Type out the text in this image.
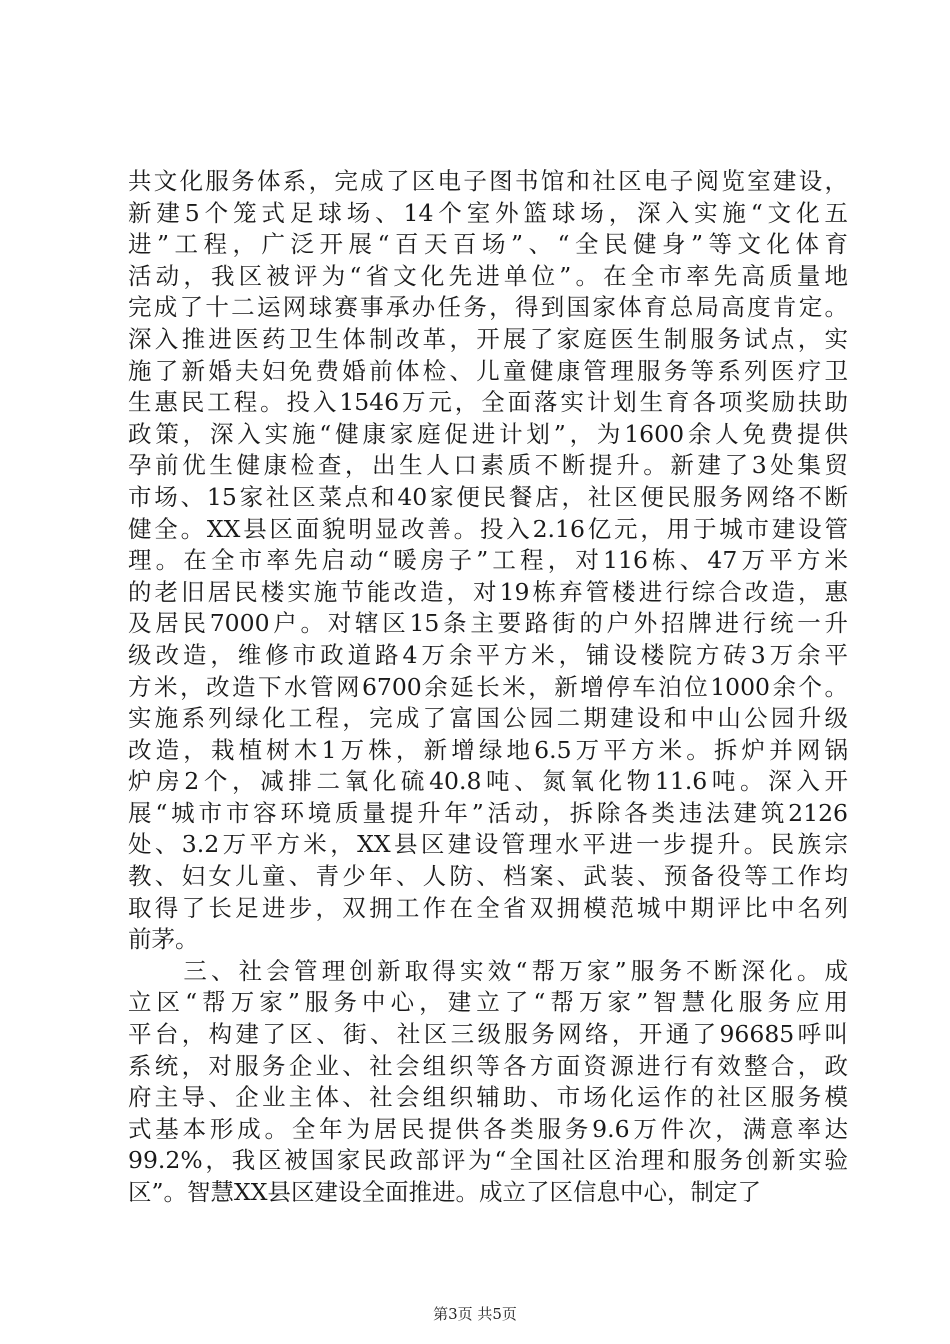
共文化服务体系，完成了区电子图书馆和社区电子阅览室建设，
新建5个笼式足球场、14个室外篮球场，深入实施“文化五
进”工程，广泛开展“百天百场”、“全民健身”等文化体育
活动，我区被评为“省文化先进单位”。在全市率先高质量地
完成了十二运网球赛事承办任务，得到国家体育总局高度肯定。
深入推进医药卫生体制改革，开展了家庭医生制服务试点，实
施了新婚夫妇免费婚前体检、儿童健康管理服务等系列医疗卫
生惠民工程。投入1546万元，全面落实计划生育各项奖励扶助
政策，深入实施“健康家庭促进计划”，为1600余人免费提供
孕前优生健康检查，出生人口素质不断提升。新建了3处集贸
市场、15家社区菜点和40家便民餐店，社区便民服务网络不断
健全。XX县区面貌明显改善。投入2.16亿元，用于城市建设管
理。在全市率先启动“暖房子”工程，对116栋、47万平方米
的老旧居民楼实施节能改造，对19栋弃管楼进行综合改造，惠
及居民7000户。对辖区15条主要路街的户外招牌进行统一升
级改造，维修市政道路4万余平方米，铺设楼院方砖3万余平
方米，改造下水管网6700余延长米，新增停车泊位1000余个。
实施系列绿化工程，完成了富国公园二期建设和中山公园升级
改造，栽植树木1万株，新增绿地6.5万平方米。拆炉并网锅
炉房2个，减排二氧化硫40.8吨、氮氧化物11.6吨。深入开
展“城市市容环境质量提升年”活动，拆除各类违法建筑2126
处、3.2万平方米，XX县区建设管理水平进一步提升。民族宗
教、妇女儿童、青少年、人防、档案、武装、预备役等工作均
取得了长足进步，双拥工作在全省双拥模范城中期评比中名列
前茅。
　　三、社会管理创新取得实效“帮万家”服务不断深化。成
立区“帮万家”服务中心，建立了“帮万家”智慧化服务应用
平台，构建了区、街、社区三级服务网络，开通了96685呼叫
系统，对服务企业、社会组织等各方面资源进行有效整合，政
府主导、企业主体、社会组织辅助、市场化运作的社区服务模
式基本形成。全年为居民提供各类服务9.6万件次，满意率达
99.2%，我区被国家民政部评为“全国社区治理和服务创新实验
区”。智慧XX县区建设全面推进。成立了区信息中心，制定了
第3页 共5页
